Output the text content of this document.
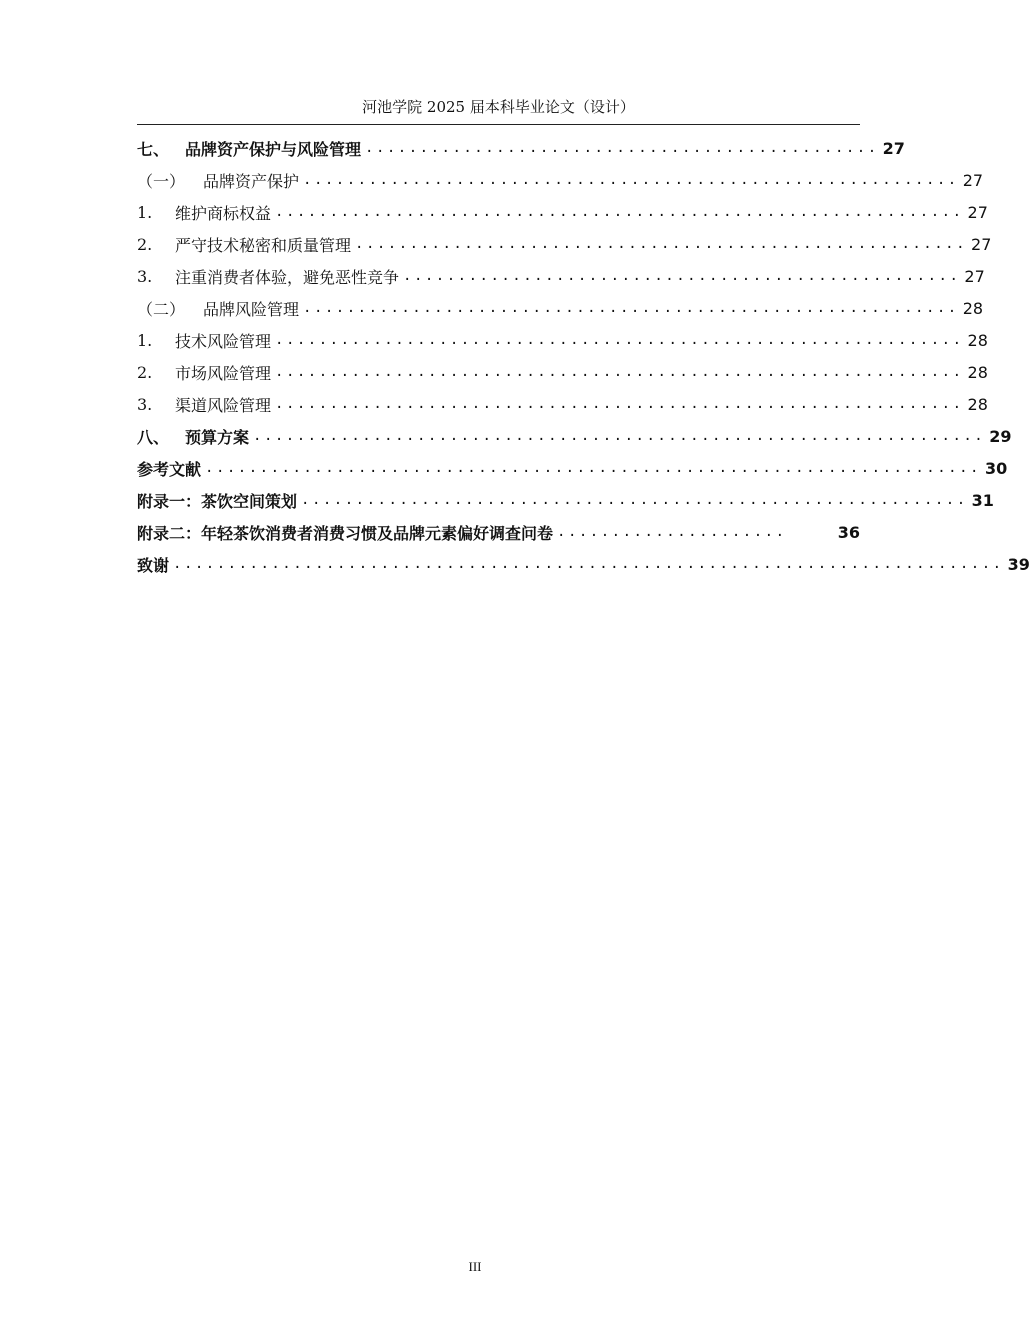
河池学院 2025 届本科毕业论文（设计）
七、 品牌资产保护与风险管理 ............................................... 27
（一）	品牌资产保护 ............................................................ 27
1.	维护商标权益 ............................................................... 27
2.	严守技术秘密和质量管理 ........................................................ 27
3.	注重消费者体验，避免恶性竞争 ................................................... 27
（二）	品牌风险管理 ............................................................ 28
1.	技术风险管理 ............................................................... 28
2.	市场风险管理 ............................................................... 28
3.	渠道风险管理 ............................................................... 28
八、 预算方案 ................................................................... 29
参考文献 ....................................................................... 30
附录一：茶饮空间策划 ............................................................. 31
附录二：年轻茶饮消费者消费习惯及品牌元素偏好调查问卷 .....................	36
致谢 ............................................................................ 39
III
